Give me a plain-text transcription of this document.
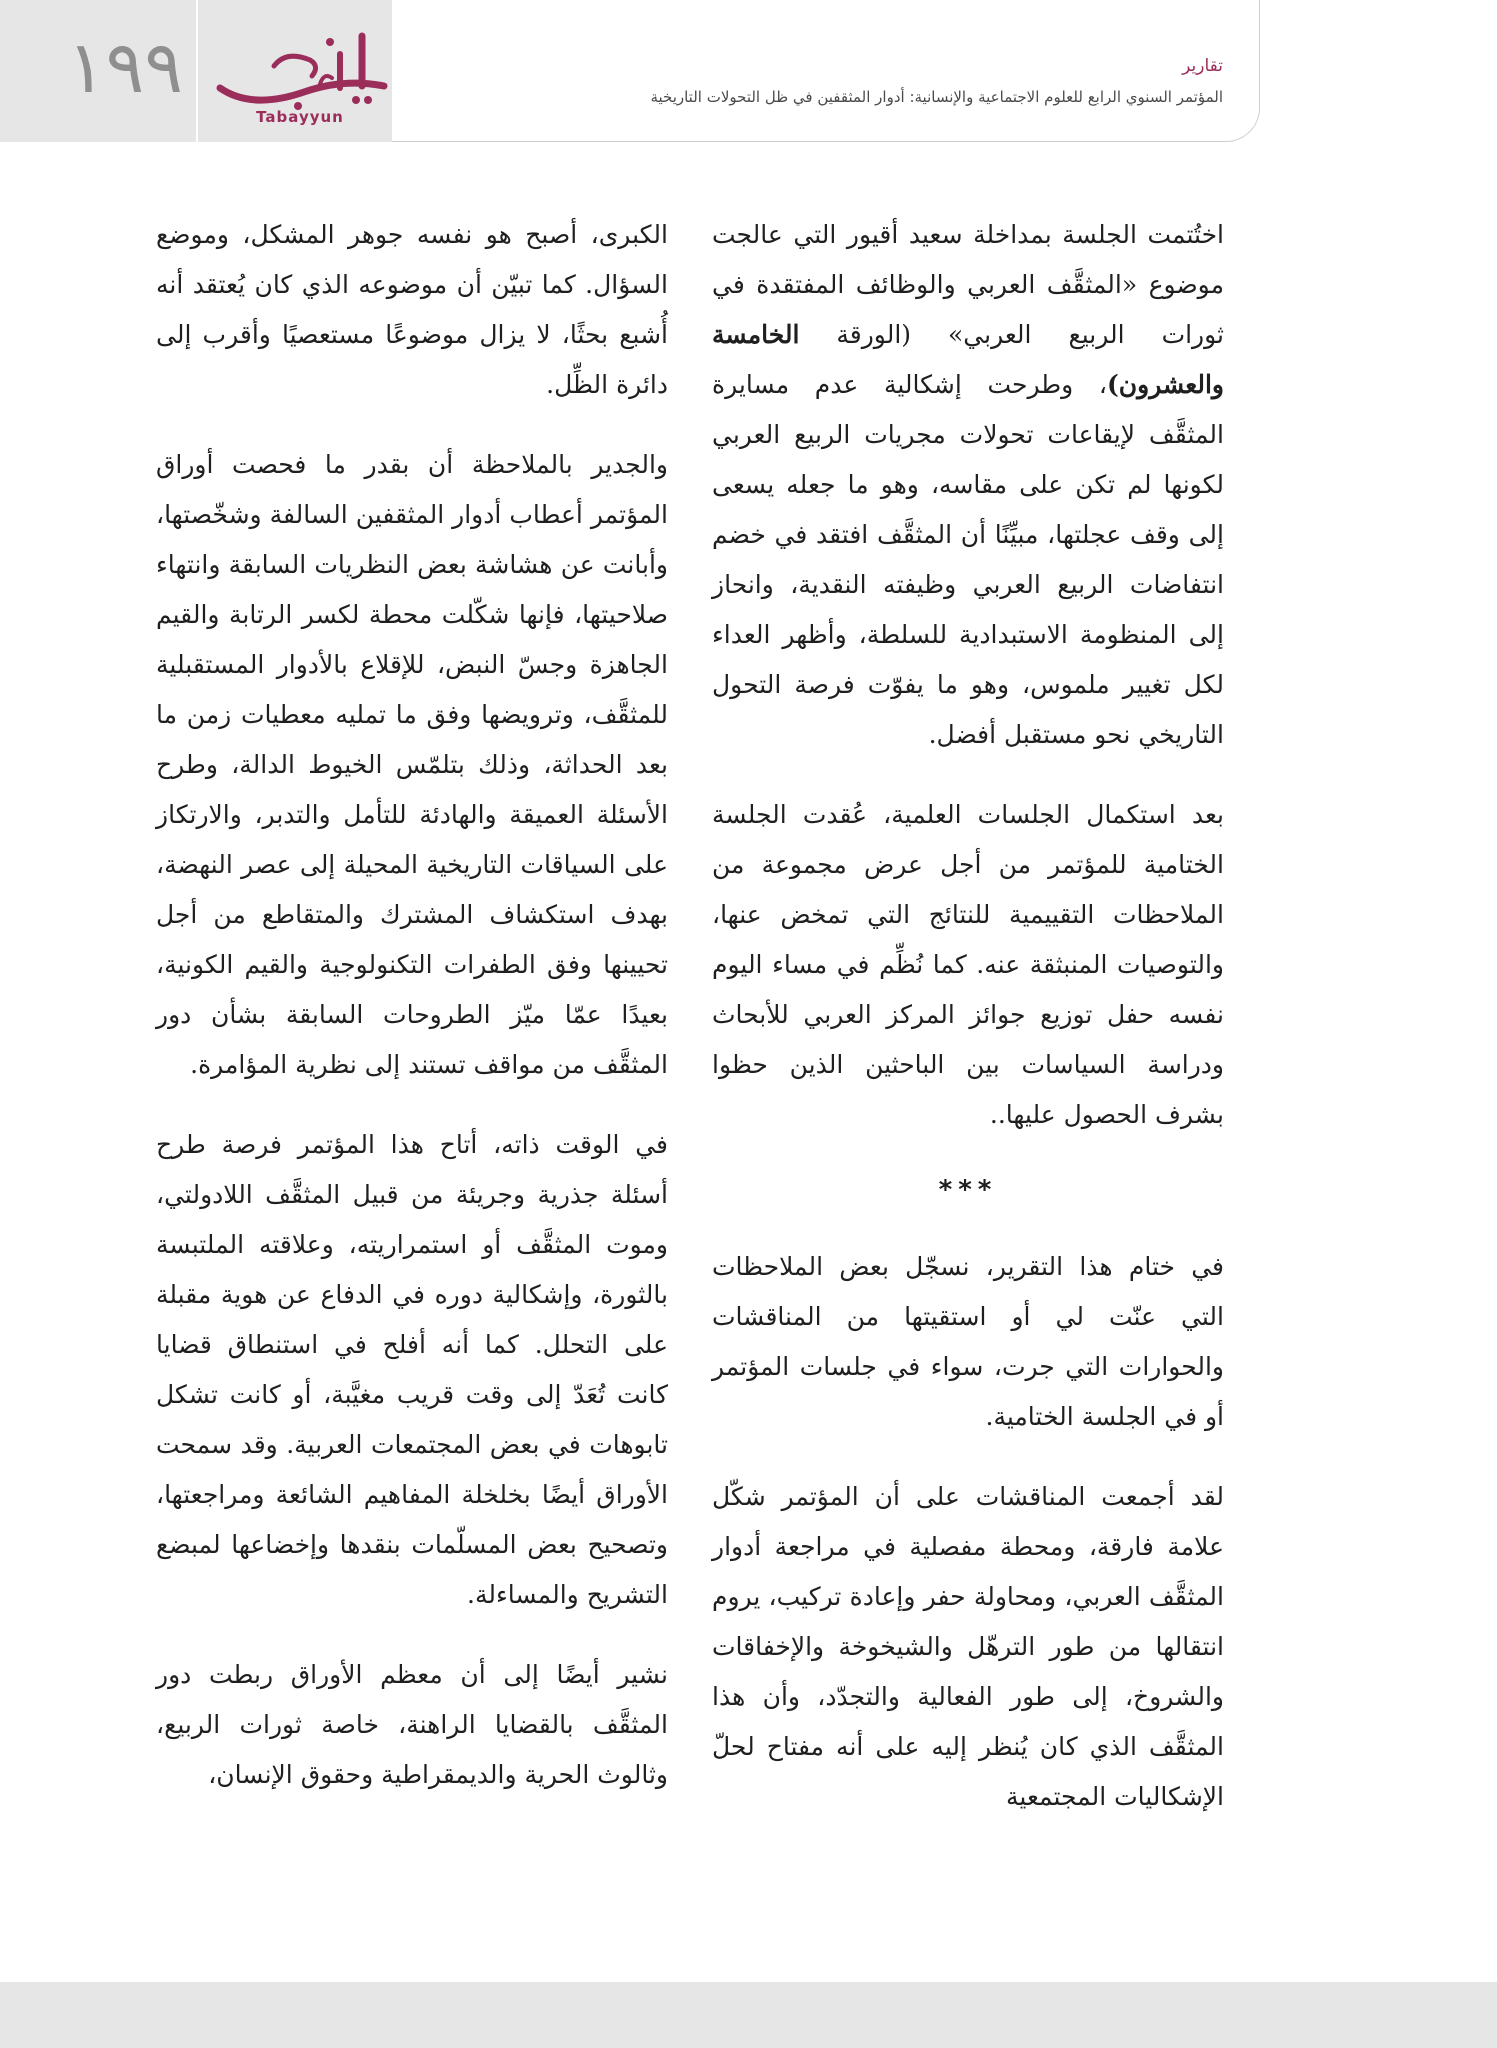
١٩٩
Tabayyun
تقارير
المؤتمر السنوي الرابع للعلوم الاجتماعية والإنسانية: أدوار المثقفين في ظل التحولات التاريخية

اختُتمت الجلسة بمداخلة سعيد أقيور التي عالجت موضوع «المثقَّف العربي والوظائف المفتقدة في ثورات الربيع العربي» (الورقة الخامسة والعشرون)، وطرحت إشكالية عدم مسايرة المثقَّف لإيقاعات تحولات مجريات الربيع العربي لكونها لم تكن على مقاسه، وهو ما جعله يسعى إلى وقف عجلتها، مبيِّنًا أن المثقَّف افتقد في خضم انتفاضات الربيع العربي وظيفته النقدية، وانحاز إلى المنظومة الاستبدادية للسلطة، وأظهر العداء لكل تغيير ملموس، وهو ما يفوّت فرصة التحول التاريخي نحو مستقبل أفضل.

بعد استكمال الجلسات العلمية، عُقدت الجلسة الختامية للمؤتمر من أجل عرض مجموعة من الملاحظات التقييمية للنتائج التي تمخض عنها، والتوصيات المنبثقة عنه. كما نُظِّم في مساء اليوم نفسه حفل توزيع جوائز المركز العربي للأبحاث ودراسة السياسات بين الباحثين الذين حظوا بشرف الحصول عليها..

***

في ختام هذا التقرير، نسجّل بعض الملاحظات التي عنّت لي أو استقيتها من المناقشات والحوارات التي جرت، سواء في جلسات المؤتمر أو في الجلسة الختامية.

لقد أجمعت المناقشات على أن المؤتمر شكّل علامة فارقة، ومحطة مفصلية في مراجعة أدوار المثقَّف العربي، ومحاولة حفر وإعادة تركيب، يروم انتقالها من طور الترهّل والشيخوخة والإخفاقات والشروخ، إلى طور الفعالية والتجدّد، وأن هذا المثقَّف الذي كان يُنظر إليه على أنه مفتاح لحلّ الإشكاليات المجتمعية

الكبرى، أصبح هو نفسه جوهر المشكل، وموضع السؤال. كما تبيّن أن موضوعه الذي كان يُعتقد أنه أُشبع بحثًا، لا يزال موضوعًا مستعصيًا وأقرب إلى دائرة الظِّل.

والجدير بالملاحظة أن بقدر ما فحصت أوراق المؤتمر أعطاب أدوار المثقفين السالفة وشخّصتها، وأبانت عن هشاشة بعض النظريات السابقة وانتهاء صلاحيتها، فإنها شكّلت محطة لكسر الرتابة والقيم الجاهزة وجسّ النبض، للإقلاع بالأدوار المستقبلية للمثقَّف، وترويضها وفق ما تمليه معطيات زمن ما بعد الحداثة، وذلك بتلمّس الخيوط الدالة، وطرح الأسئلة العميقة والهادئة للتأمل والتدبر، والارتكاز على السياقات التاريخية المحيلة إلى عصر النهضة، بهدف استكشاف المشترك والمتقاطع من أجل تحيينها وفق الطفرات التكنولوجية والقيم الكونية، بعيدًا عمّا ميّز الطروحات السابقة بشأن دور المثقَّف من مواقف تستند إلى نظرية المؤامرة.

في الوقت ذاته، أتاح هذا المؤتمر فرصة طرح أسئلة جذرية وجريئة من قبيل المثقَّف اللادولتي، وموت المثقَّف أو استمراريته، وعلاقته الملتبسة بالثورة، وإشكالية دوره في الدفاع عن هوية مقبلة على التحلل. كما أنه أفلح في استنطاق قضايا كانت تُعَدّ إلى وقت قريب مغيَّبة، أو كانت تشكل تابوهات في بعض المجتمعات العربية. وقد سمحت الأوراق أيضًا بخلخلة المفاهيم الشائعة ومراجعتها، وتصحيح بعض المسلّمات بنقدها وإخضاعها لمبضع التشريح والمساءلة.

نشير أيضًا إلى أن معظم الأوراق ربطت دور المثقَّف بالقضايا الراهنة، خاصة ثورات الربيع، وثالوث الحرية والديمقراطية وحقوق الإنسان،
